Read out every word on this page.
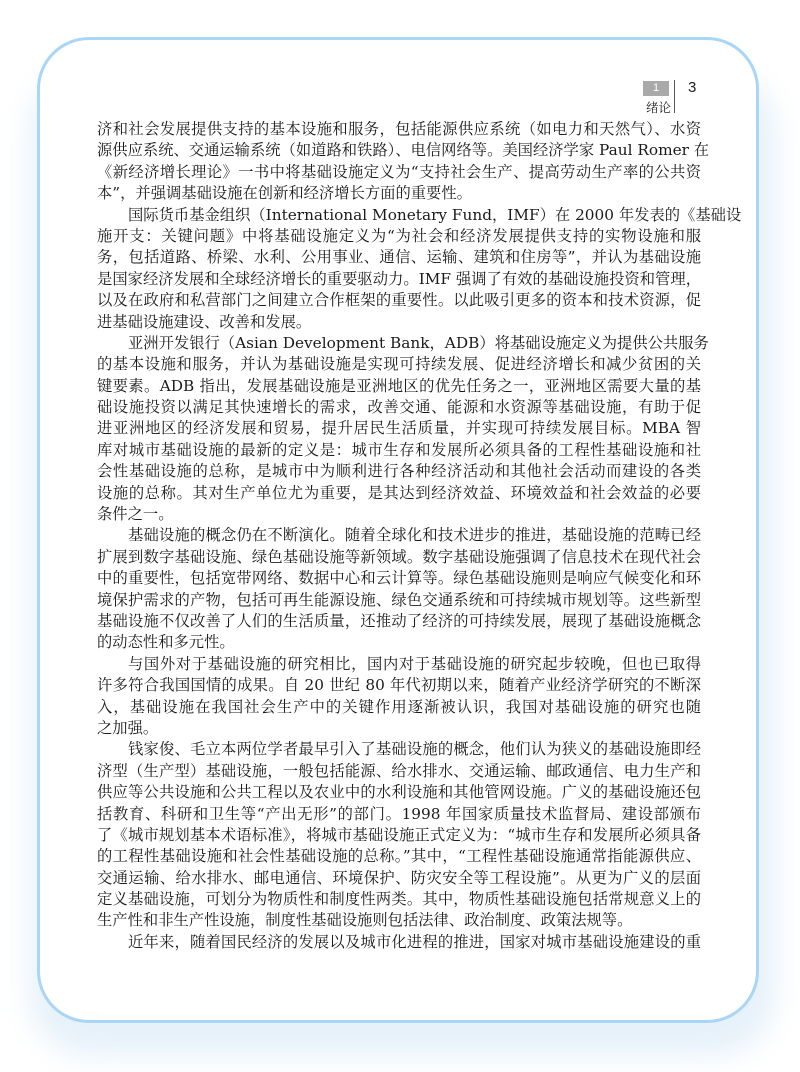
1
绪论
3
济和社会发展提供支持的基本设施和服务，包括能源供应系统（如电力和天然气）、水资
源供应系统、交通运输系统（如道路和铁路）、电信网络等。美国经济学家 Paul Romer 在
《新经济增长理论》一书中将基础设施定义为“支持社会生产、提高劳动生产率的公共资
本”，并强调基础设施在创新和经济增长方面的重要性。
国际货币基金组织（International Monetary Fund，IMF）在 2000 年发表的《基础设
施开支：关键问题》中将基础设施定义为“为社会和经济发展提供支持的实物设施和服
务，包括道路、桥梁、水利、公用事业、通信、运输、建筑和住房等”，并认为基础设施
是国家经济发展和全球经济增长的重要驱动力。IMF 强调了有效的基础设施投资和管理，
以及在政府和私营部门之间建立合作框架的重要性。以此吸引更多的资本和技术资源，促
进基础设施建设、改善和发展。
亚洲开发银行（Asian Development Bank，ADB）将基础设施定义为提供公共服务
的基本设施和服务，并认为基础设施是实现可持续发展、促进经济增长和减少贫困的关
键要素。ADB 指出，发展基础设施是亚洲地区的优先任务之一，亚洲地区需要大量的基
础设施投资以满足其快速增长的需求，改善交通、能源和水资源等基础设施，有助于促
进亚洲地区的经济发展和贸易，提升居民生活质量，并实现可持续发展目标。MBA 智
库对城市基础设施的最新的定义是：城市生存和发展所必须具备的工程性基础设施和社
会性基础设施的总称，是城市中为顺利进行各种经济活动和其他社会活动而建设的各类
设施的总称。其对生产单位尤为重要，是其达到经济效益、环境效益和社会效益的必要
条件之一。
基础设施的概念仍在不断演化。随着全球化和技术进步的推进，基础设施的范畴已经
扩展到数字基础设施、绿色基础设施等新领域。数字基础设施强调了信息技术在现代社会
中的重要性，包括宽带网络、数据中心和云计算等。绿色基础设施则是响应气候变化和环
境保护需求的产物，包括可再生能源设施、绿色交通系统和可持续城市规划等。这些新型
基础设施不仅改善了人们的生活质量，还推动了经济的可持续发展，展现了基础设施概念
的动态性和多元性。
与国外对于基础设施的研究相比，国内对于基础设施的研究起步较晚，但也已取得
许多符合我国国情的成果。自 20 世纪 80 年代初期以来，随着产业经济学研究的不断深
入，基础设施在我国社会生产中的关键作用逐渐被认识，我国对基础设施的研究也随
之加强。
钱家俊、毛立本两位学者最早引入了基础设施的概念，他们认为狭义的基础设施即经
济型（生产型）基础设施，一般包括能源、给水排水、交通运输、邮政通信、电力生产和
供应等公共设施和公共工程以及农业中的水利设施和其他管网设施。广义的基础设施还包
括教育、科研和卫生等“产出无形”的部门。1998 年国家质量技术监督局、建设部颁布
了《城市规划基本术语标准》，将城市基础设施正式定义为：“城市生存和发展所必须具备
的工程性基础设施和社会性基础设施的总称。”其中，“工程性基础设施通常指能源供应、
交通运输、给水排水、邮电通信、环境保护、防灾安全等工程设施”。从更为广义的层面
定义基础设施，可划分为物质性和制度性两类。其中，物质性基础设施包括常规意义上的
生产性和非生产性设施，制度性基础设施则包括法律、政治制度、政策法规等。
近年来，随着国民经济的发展以及城市化进程的推进，国家对城市基础设施建设的重
